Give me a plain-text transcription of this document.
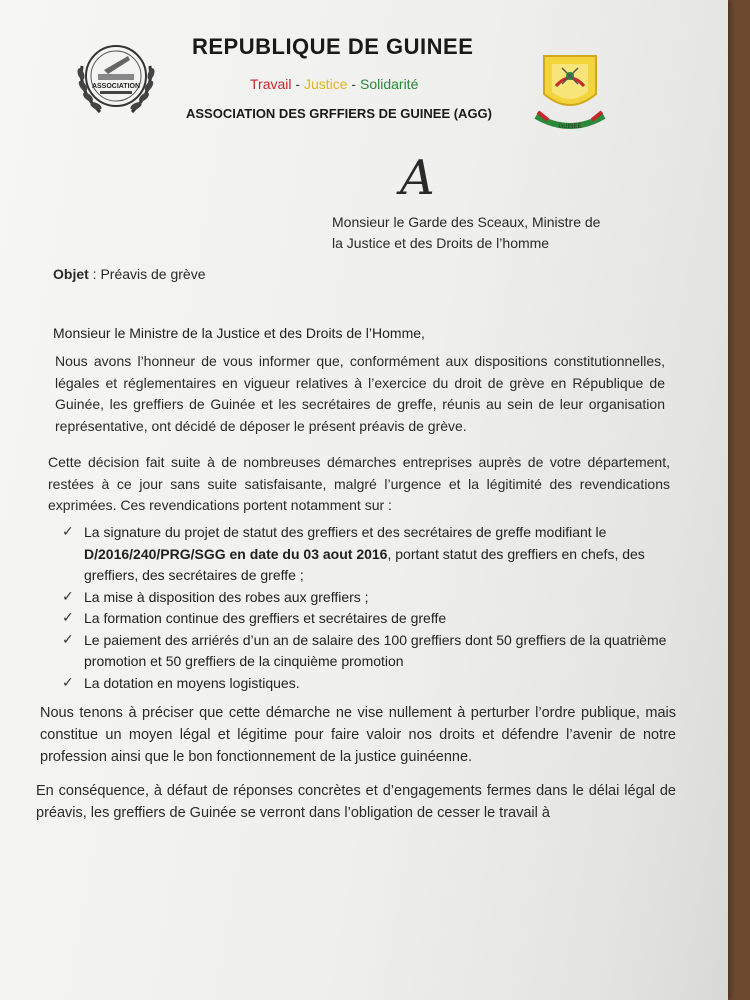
ASSOCIATION
REPUBLIQUE DE GUINEE
Travail - Justice - Solidarité
ASSOCIATION DES GRFFIERS DE GUINEE (AGG)
GUINEE
A
Monsieur le Garde des Sceaux, Ministre de
la Justice et des Droits de l’homme
Objet : Préavis de grève
Monsieur le Ministre de la Justice et des Droits de l’Homme,
Nous avons l’honneur de vous informer que, conformément aux dispositions constitutionnelles, légales et réglementaires en vigueur relatives à l’exercice du droit de grève en République de Guinée, les greffiers de Guinée et les secrétaires de greffe, réunis au sein de leur organisation représentative, ont décidé de déposer le présent préavis de grève.
Cette décision fait suite à de nombreuses démarches entreprises auprès de votre département, restées à ce jour sans suite satisfaisante, malgré l’urgence et la légitimité des revendications exprimées. Ces revendications portent notamment sur :
✓ La signature du projet de statut des greffiers et des secrétaires de greffe modifiant le D/2016/240/PRG/SGG en date du 03 aout 2016, portant statut des greffiers en chefs, des greffiers, des secrétaires de greffe ;
✓ La mise à disposition des robes aux greffiers ;
✓ La formation continue des greffiers et secrétaires de greffe
✓ Le paiement des arriérés d’un an de salaire des 100 greffiers dont 50 greffiers de la quatrième promotion et 50 greffiers de la cinquième promotion
✓ La dotation en moyens logistiques.
Nous tenons à préciser que cette démarche ne vise nullement à perturber l’ordre publique, mais constitue un moyen légal et légitime pour faire valoir nos droits et défendre l’avenir de notre profession ainsi que le bon fonctionnement de la justice guinéenne.
En conséquence, à défaut de réponses concrètes et d’engagements fermes dans le délai légal de préavis, les greffiers de Guinée se verront dans l’obligation de cesser le travail à
